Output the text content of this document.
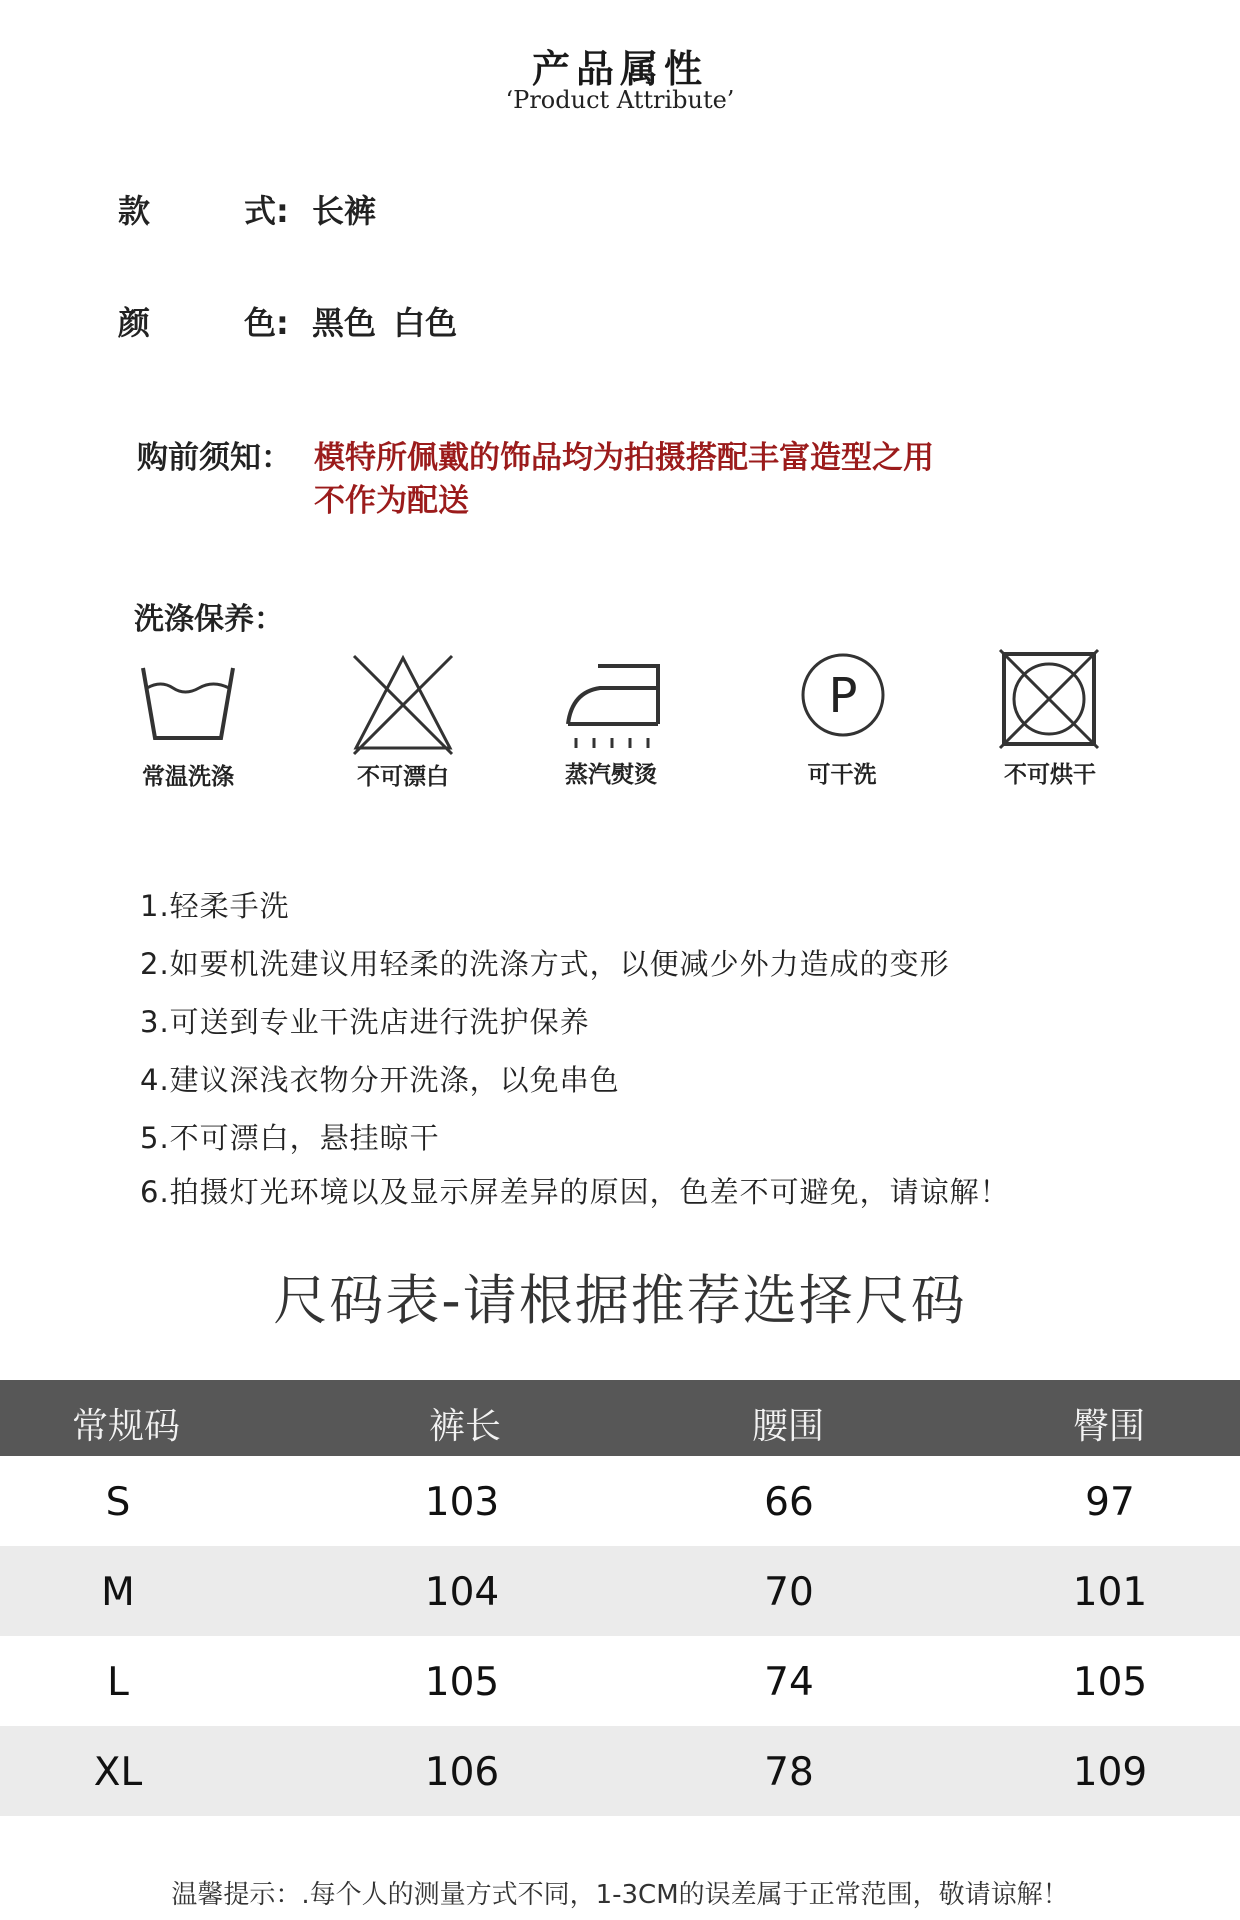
产品属性
‘Product Attribute’
款	式: 长裤
颜	色: 黑色 白色
购前须知： 模特所佩戴的饰品均为拍摄搭配丰富造型之用
不作为配送
洗涤保养：
常温洗涤	不可漂白	蒸汽熨烫
P
可干洗	不可烘干
1.轻柔手洗
2.如要机洗建议用轻柔的洗涤方式，以便减少外力造成的变形
3.可送到专业干洗店进行洗护保养
4.建议深浅衣物分开洗涤，以免串色
5.不可漂白，悬挂晾干
6.拍摄灯光环境以及显示屏差异的原因，色差不可避免，请谅解！
尺码表-请根据推荐选择尺码
常规码	裤长	腰围	臀围
S	103	66	97
M	104	70	101
L	105	74	105
XL	106	78	109
温馨提示：.每个人的测量方式不同，1-3CM的误差属于正常范围，敬请谅解！
